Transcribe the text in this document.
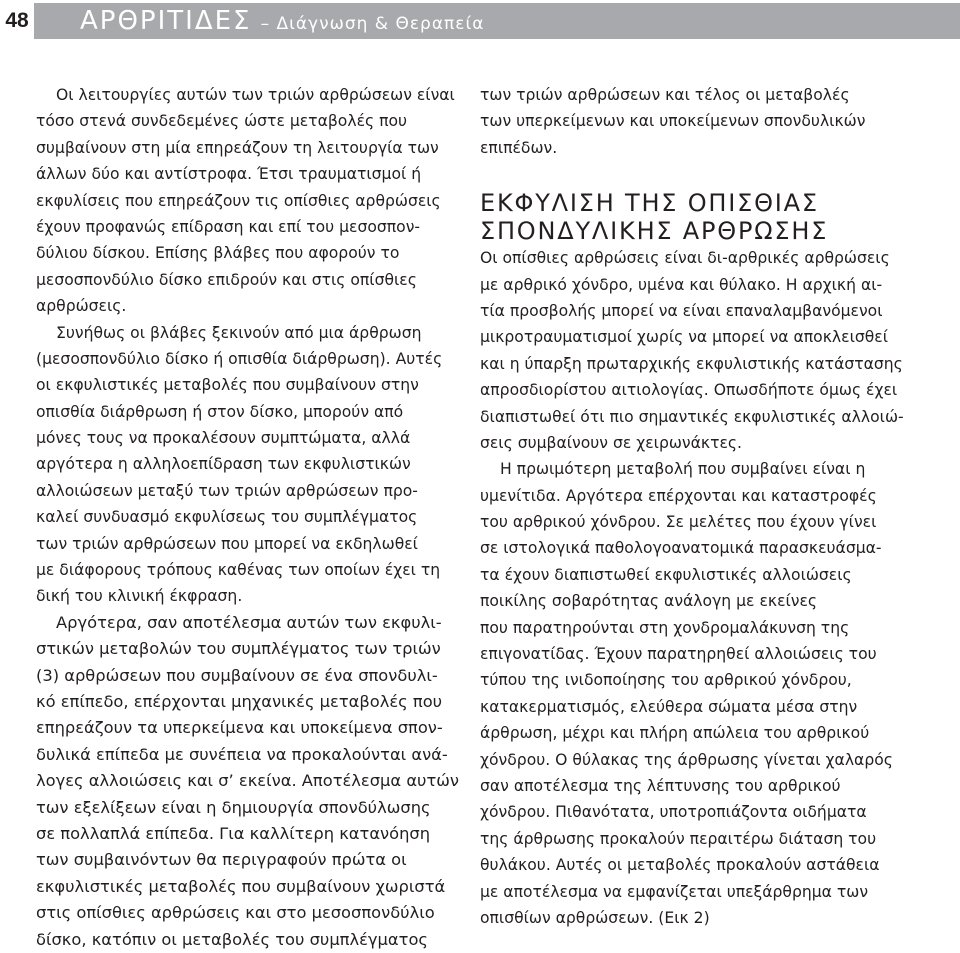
48 ΑΡΘΡΙΤΙΔΕΣ – Διάγνωση & Θεραπεία
Οι λειτουργίες αυτών των τριών αρθρώσεων είναι
τόσο στενά συνδεδεμένες ώστε μεταβολές που
συμβαίνουν στη μία επηρεάζουν τη λειτουργία των
άλλων δύο και αντίστροφα. Έτσι τραυματισμοί ή
εκφυλίσεις που επηρεάζουν τις οπίσθιες αρθρώσεις
έχουν προφανώς επίδραση και επί του μεσοσπον-
δύλιου δίσκου. Επίσης βλάβες που αφορούν το
μεσοσπονδύλιο δίσκο επιδρούν και στις οπίσθιες
αρθρώσεις.
Συνήθως οι βλάβες ξεκινούν από μια άρθρωση
(μεσοσπονδύλιο δίσκο ή οπισθία διάρθρωση). Αυτές
οι εκφυλιστικές μεταβολές που συμβαίνουν στην
οπισθία διάρθρωση ή στον δίσκο, μπορούν από
μόνες τους να προκαλέσουν συμπτώματα, αλλά
αργότερα η αλληλοεπίδραση των εκφυλιστικών
αλλοιώσεων μεταξύ των τριών αρθρώσεων προ-
καλεί συνδυασμό εκφυλίσεως του συμπλέγματος
των τριών αρθρώσεων που μπορεί να εκδηλωθεί
με διάφορους τρόπους καθένας των οποίων έχει τη
δική του κλινική έκφραση.
Αργότερα, σαν αποτέλεσμα αυτών των εκφυλι-
στικών μεταβολών του συμπλέγματος των τριών
(3) αρθρώσεων που συμβαίνουν σε ένα σπονδυλι-
κό επίπεδο, επέρχονται μηχανικές μεταβολές που
επηρεάζουν τα υπερκείμενα και υποκείμενα σπον-
δυλικά επίπεδα με συνέπεια να προκαλούνται ανά-
λογες αλλοιώσεις και σ’ εκείνα. Αποτέλεσμα αυτών
των εξελίξεων είναι η δημιουργία σπονδύλωσης
σε πολλαπλά επίπεδα. Για καλλίτερη κατανόηση
των συμβαινόντων θα περιγραφούν πρώτα οι
εκφυλιστικές μεταβολές που συμβαίνουν χωριστά
στις οπίσθιες αρθρώσεις και στο μεσοσπονδύλιο
δίσκο, κατόπιν οι μεταβολές του συμπλέγματος
των τριών αρθρώσεων και τέλος οι μεταβολές
των υπερκείμενων και υποκείμενων σπονδυλικών
επιπέδων.
ΕΚΦΥΛΙΣΗ ΤΗΣ ΟΠΙΣΘΙΑΣ
ΣΠΟΝΔΥΛΙΚΗΣ ΑΡΘΡΩΣΗΣ
Οι οπίσθιες αρθρώσεις είναι δι-αρθρικές αρθρώσεις
με αρθρικό χόνδρο, υμένα και θύλακο. Η αρχική αι-
τία προσβολής μπορεί να είναι επαναλαμβανόμενοι
μικροτραυματισμοί χωρίς να μπορεί να αποκλεισθεί
και η ύπαρξη πρωταρχικής εκφυλιστικής κατάστασης
απροσδιορίστου αιτιολογίας. Οπωσδήποτε όμως έχει
διαπιστωθεί ότι πιο σημαντικές εκφυλιστικές αλλοιώ-
σεις συμβαίνουν σε χειρωνάκτες.
Η πρωιμότερη μεταβολή που συμβαίνει είναι η
υμενίτιδα. Αργότερα επέρχονται και καταστροφές
του αρθρικού χόνδρου. Σε μελέτες που έχουν γίνει
σε ιστολογικά παθολογοανατομικά παρασκευάσμα-
τα έχουν διαπιστωθεί εκφυλιστικές αλλοιώσεις
ποικίλης σοβαρότητας ανάλογη με εκείνες
που παρατηρούνται στη χονδρομαλάκυνση της
επιγονατίδας. Έχουν παρατηρηθεί αλλοιώσεις του
τύπου της ινιδοποίησης του αρθρικού χόνδρου,
κατακερματισμός, ελεύθερα σώματα μέσα στην
άρθρωση, μέχρι και πλήρη απώλεια του αρθρικού
χόνδρου. Ο θύλακας της άρθρωσης γίνεται χαλαρός
σαν αποτέλεσμα της λέπτυνσης του αρθρικού
χόνδρου. Πιθανότατα, υποτροπιάζοντα οιδήματα
της άρθρωσης προκαλούν περαιτέρω διάταση του
θυλάκου. Αυτές οι μεταβολές προκαλούν αστάθεια
με αποτέλεσμα να εμφανίζεται υπεξάρθρημα των
οπισθίων αρθρώσεων. (Εικ 2)
